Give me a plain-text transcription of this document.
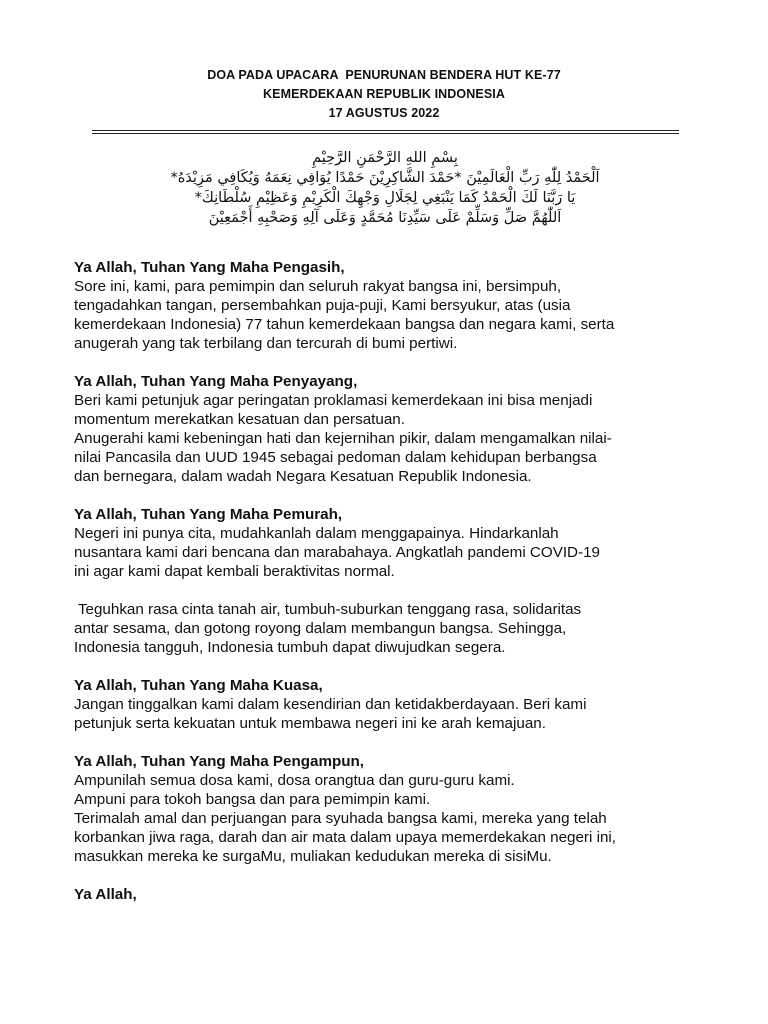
DOA PADA UPACARA  PENURUNAN BENDERA HUT KE-77
KEMERDEKAAN REPUBLIK INDONESIA
17 AGUSTUS 2022
بِسْمِ اللهِ الرَّحْمَنِ الرَّحِيْمِ
اَلْحَمْدُ لِلّٰهِ رَبِّ الْعَالَمِيْنَ *حَمْدَ الشَّاكِرِيْنَ حَمْدًا يُوَافِي نِعَمَهُ وَيُكَافِي مَزِيْدَهُ*
يَا رَبَّنَا لَكَ الْحَمْدُ كَمَا يَنْبَغِي لِجَلَالِ وَجْهِكَ الْكَرِيْمِ وَعَظِيْمِ سُلْطَانِكَ*
اَللّٰهُمَّ صَلِّ وَسَلِّمْ عَلَى سَيِّدِنَا مُحَمَّدٍ وَعَلَى آلِهِ وَصَحْبِهِ أَجْمَعِيْنَ
Ya Allah, Tuhan Yang Maha Pengasih,
Sore ini, kami, para pemimpin dan seluruh rakyat bangsa ini, bersimpuh,
tengadahkan tangan, persembahkan puja-puji, Kami bersyukur, atas (usia
kemerdekaan Indonesia) 77 tahun kemerdekaan bangsa dan negara kami, serta
anugerah yang tak terbilang dan tercurah di bumi pertiwi.
Ya Allah, Tuhan Yang Maha Penyayang,
Beri kami petunjuk agar peringatan proklamasi kemerdekaan ini bisa menjadi
momentum merekatkan kesatuan dan persatuan.
Anugerahi kami kebeningan hati dan kejernihan pikir, dalam mengamalkan nilai-
nilai Pancasila dan UUD 1945 sebagai pedoman dalam kehidupan berbangsa
dan bernegara, dalam wadah Negara Kesatuan Republik Indonesia.
Ya Allah, Tuhan Yang Maha Pemurah,
Negeri ini punya cita, mudahkanlah dalam menggapainya. Hindarkanlah
nusantara kami dari bencana dan marabahaya. Angkatlah pandemi COVID-19
ini agar kami dapat kembali beraktivitas normal.
Teguhkan rasa cinta tanah air, tumbuh-suburkan tenggang rasa, solidaritas
antar sesama, dan gotong royong dalam membangun bangsa. Sehingga,
Indonesia tangguh, Indonesia tumbuh dapat diwujudkan segera.
Ya Allah, Tuhan Yang Maha Kuasa,
Jangan tinggalkan kami dalam kesendirian dan ketidakberdayaan. Beri kami
petunjuk serta kekuatan untuk membawa negeri ini ke arah kemajuan.
Ya Allah, Tuhan Yang Maha Pengampun,
Ampunilah semua dosa kami, dosa orangtua dan guru-guru kami.
Ampuni para tokoh bangsa dan para pemimpin kami.
Terimalah amal dan perjuangan para syuhada bangsa kami, mereka yang telah
korbankan jiwa raga, darah dan air mata dalam upaya memerdekakan negeri ini,
masukkan mereka ke surgaMu, muliakan kedudukan mereka di sisiMu.
Ya Allah,
